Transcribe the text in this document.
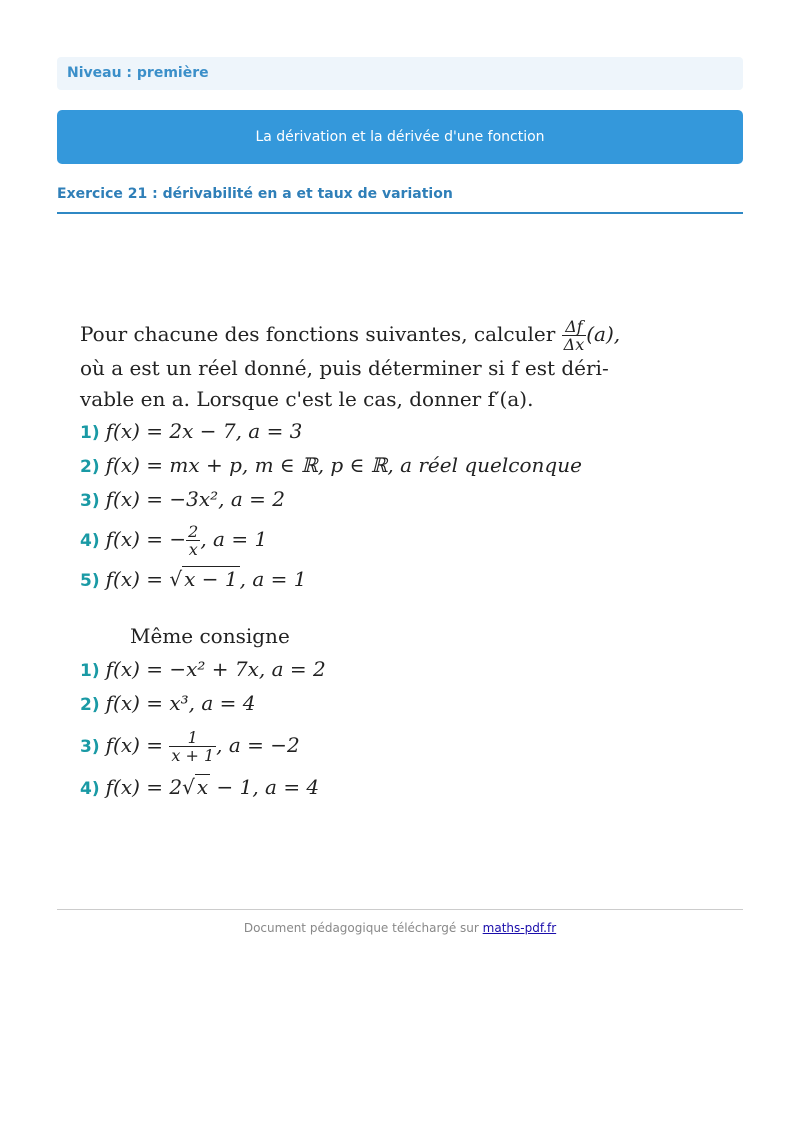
Niveau : première
La dérivation et la dérivée d'une fonction
Exercice 21 : dérivabilité en a et taux de variation

Pour chacune des fonctions suivantes, calculer $\frac{\Delta f}{\Delta x} (a)$,
où a est un réel donné, puis déterminer si f est déri-
vable en a. Lorsque c'est le cas, donner f′(a).

1) f(x) = 2x − 7, a = 3
2) f(x) = mx + p, m ∈ ℝ, p ∈ ℝ, a réel quelconque
3) f(x) = −3x², a = 2
4) f(x) = − $\frac{2}{x}$ , a = 1
5) f(x) = √ x − 1 , a = 1
Même consigne
1) f(x) = −x² + 7x, a = 2
2) f(x) = x³, a = 4
3) $f(x) = \frac{1}{x + 1}$ , a = −2
4) f(x) = 2√ x − 1, a = 4
Document pédagogique téléchargé sur maths-pdf.fr
